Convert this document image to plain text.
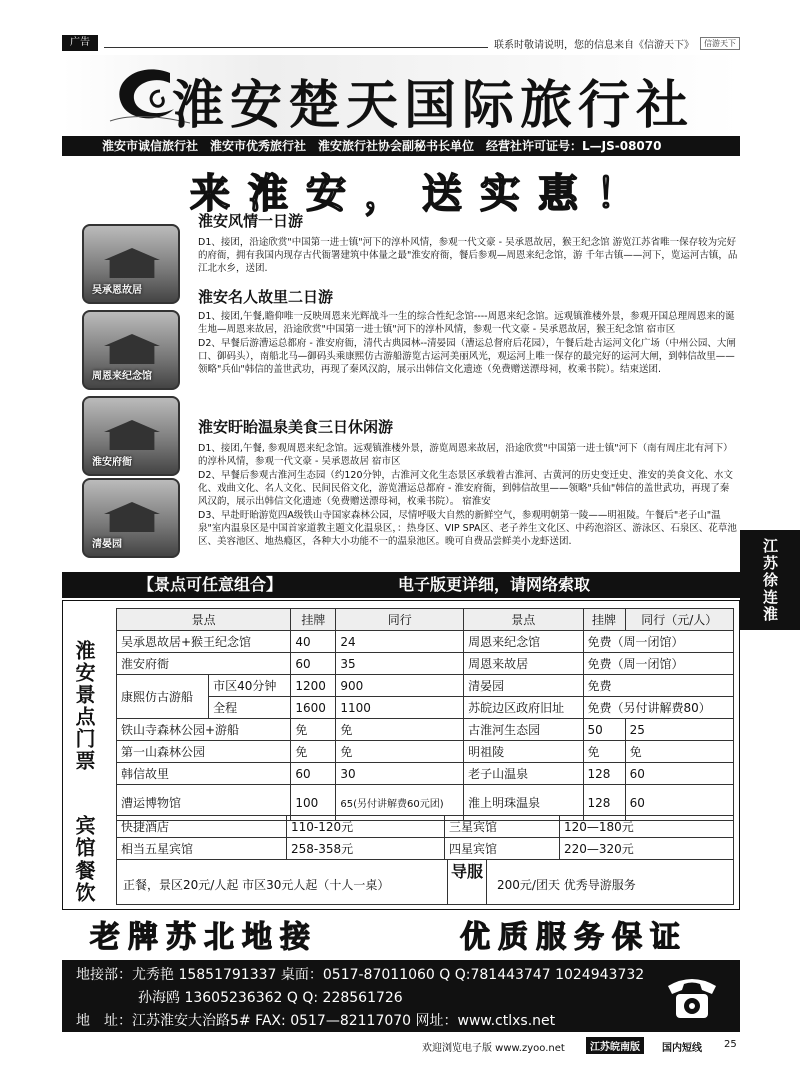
广告	联系时敬请说明，您的信息来自《信游天下》	信游天下
淮安楚天国际旅行社
淮安市诚信旅行社　淮安市优秀旅行社　淮安旅行社协会副秘书长单位　经营社许可证号：L—JS-08070
来淮安，送实惠！
吴承恩故居
周恩来纪念馆
淮安府衙
清晏园
淮安风情一日游

D1、接团，沿途欣赏"中国第一进士镇"河下的淳朴风情，参观一代文豪 - 吴承恩故居，猴王纪念馆 游览江苏省唯一保存较为完好的府衙，拥有我国内现存古代衙署建筑中体量之最"淮安府衙，餐后参观—周恩来纪念馆，游 千年古镇——河下，览运河古镇，品江北水乡，送团.

淮安名人故里二日游

D1、接团,午餐,瞻仰唯一反映周恩来光辉战斗一生的综合性纪念馆----周恩来纪念馆。远观镇淮楼外景，参观开国总理周恩来的诞生地—周恩来故居，沿途欣赏"中国第一进士镇"河下的淳朴风情，参观一代文豪 - 吴承恩故居，猴王纪念馆 宿市区

D2、早餐后游漕运总都府 - 淮安府衙，清代古典园林--清晏园（漕运总督府后花园），午餐后赴古运河文化广场（中州公园、大闸口、御码头），南船北马—御码头乘康熙仿古游船游览古运河美丽风光，观运河上唯一保存的最完好的运河大闸，到韩信故里——领略"兵仙"韩信的盖世武功，再现了秦风汉韵，展示出韩信文化遗迹（免费赠送漂母祠，枚乘书院）。结束送团.

淮安盱眙温泉美食三日休闲游

D1、接团,午餐, 参观周恩来纪念馆。远观镇淮楼外景，游览周恩来故居，沿途欣赏"中国第一进士镇"河下（南有周庄北有河下）的淳朴风情，参观一代文豪 - 吴承恩故居 宿市区

D2、早餐后参观古淮河生态园（约120分钟，古淮河文化生态景区承载着古淮河、古黄河的历史变迁史、淮安的美食文化、水文化、戏曲文化、名人文化、民间民俗文化，游览漕运总都府 - 淮安府衙，到韩信故里——领略"兵仙"韩信的盖世武功，再现了秦风汉韵，展示出韩信文化遗迹（免费赠送漂母祠，枚乘书院）。 宿淮安

D3、早赴盱眙游览四A级铁山寺国家森林公园，尽情呼吸大自然的新鲜空气，参观明朝第一陵——明祖陵。午餐后"老子山"温泉"室内温泉区是中国首家道教主题文化温泉区，：热身区、VIP SPA区、老子养生文化区、中药泡浴区、游泳区、石泉区、花草池区、美容池区、地热瘾区，各种大小功能不一的温泉池区。晚可自费品尝鲜美小龙虾送团.	江苏徐连淮
【景点可任意组合】	电子版更详细，请网络索取
淮安景点门票
宾馆
餐饮
景点		挂牌	同行	景点	挂牌	同行（元/人）
吴承恩故居+猴王纪念馆		40	24	周恩来纪念馆	免费（周一闭馆）	
淮安府衙		60	35	周恩来故居	免费（周一闭馆）	
康熙仿古游船	市区40分钟	1200	900	清晏园	免费	
	全程	1600	1100	苏皖边区政府旧址	免费（另付讲解费80）	
铁山寺森林公园+游船		免	免	古淮河生态园	50	25
第一山森林公园		免	免	明祖陵	免	免
韩信故里		60	30	老子山温泉	128	60
漕运博物馆		100	65(另付讲解费60元团)	淮上明珠温泉	128	60
快捷酒店	110-120元	三星宾馆	120—180元
相当五星宾馆	258-358元	四星宾馆	220—320元
正餐，景区20元/人起 市区30元人起（十人一桌）
导服
200元/团天 优秀导游服务
老牌苏北地接	优质服务保证
地接部：尤秀艳 15851791337 桌面：0517-87011060 Q Q:781443747 1024943732
孙海鸥 13605236362 Q Q: 228561726
地　址：江苏淮安大治路5# FAX: 0517—82117070 网址：www.ctlxs.net
欢迎浏览电子版 www.zyoo.net	江苏皖南版	国内短线 25
